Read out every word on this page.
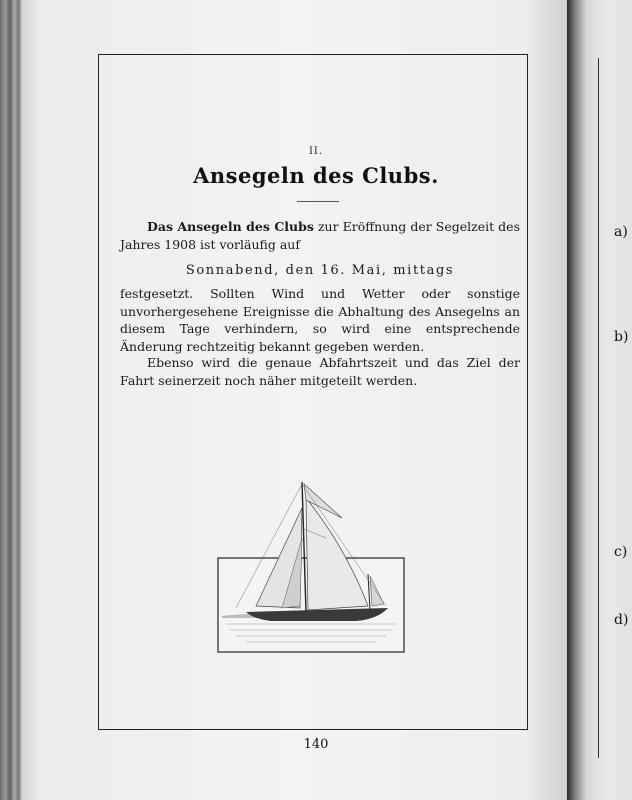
a)
b)
c)
d)
II.
Ansegeln des Clubs.
Das Ansegeln des Clubs zur Eröffnung der Segelzeit des Jahres 1908 ist vorläufig auf
Sonnabend, den 16. Mai, mittags
festgesetzt. Sollten Wind und Wetter oder sonstige unvorhergesehene Ereignisse die Abhaltung des Ansegelns an diesem Tage verhindern, so wird eine entsprechende Änderung rechtzeitig bekannt gegeben werden.
Ebenso wird die genaue Abfahrtszeit und das Ziel der Fahrt seinerzeit noch näher mitgeteilt werden.
140
